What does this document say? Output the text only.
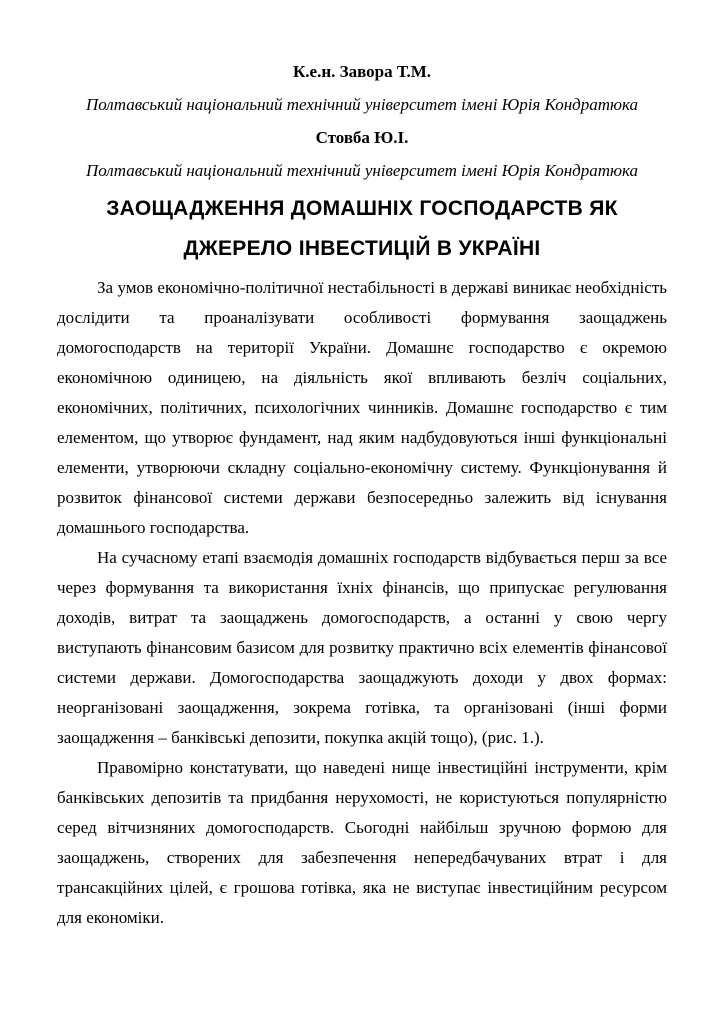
К.е.н. Завора Т.М.
Полтавський національний технічний університет імені Юрія Кондратюка
Стовба Ю.І.
Полтавський національний технічний університет імені Юрія Кондратюка
ЗАОЩАДЖЕННЯ ДОМАШНІХ ГОСПОДАРСТВ ЯК
ДЖЕРЕЛО ІНВЕСТИЦІЙ В УКРАЇНІ

За умов економічно-політичної нестабільності в державі виникає необхідність дослідити та проаналізувати особливості формування заощаджень домогосподарств на території України. Домашнє господарство є окремою економічною одиницею, на діяльність якої впливають безліч соціальних, економічних, політичних, психологічних чинників. Домашнє господарство є тим елементом, що утворює фундамент, над яким надбудовуються інші функціональні елементи, утворюючи складну соціально-економічну систему. Функціонування й розвиток фінансової системи держави безпосередньо залежить від існування домашнього господарства.

На сучасному етапі взаємодія домашніх господарств відбувається перш за все через формування та використання їхніх фінансів, що припускає регулювання доходів, витрат та заощаджень домогосподарств, а останні у свою чергу виступають фінансовим базисом для розвитку практично всіх елементів фінансової системи держави. Домогосподарства заощаджують доходи у двох формах: неорганізовані заощадження, зокрема готівка, та організовані (інші форми заощадження – банківські депозити, покупка акцій тощо), (рис. 1.).

Правомірно констатувати, що наведені нище інвестиційні інструменти, крім банківських депозитів та придбання нерухомості, не користуються популярністю серед вітчизняних домогосподарств. Сьогодні найбільш зручною формою для заощаджень, створених для забезпечення непередбачуваних втрат і для трансакційних цілей, є грошова готівка, яка не виступає інвестиційним ресурсом для економіки.
